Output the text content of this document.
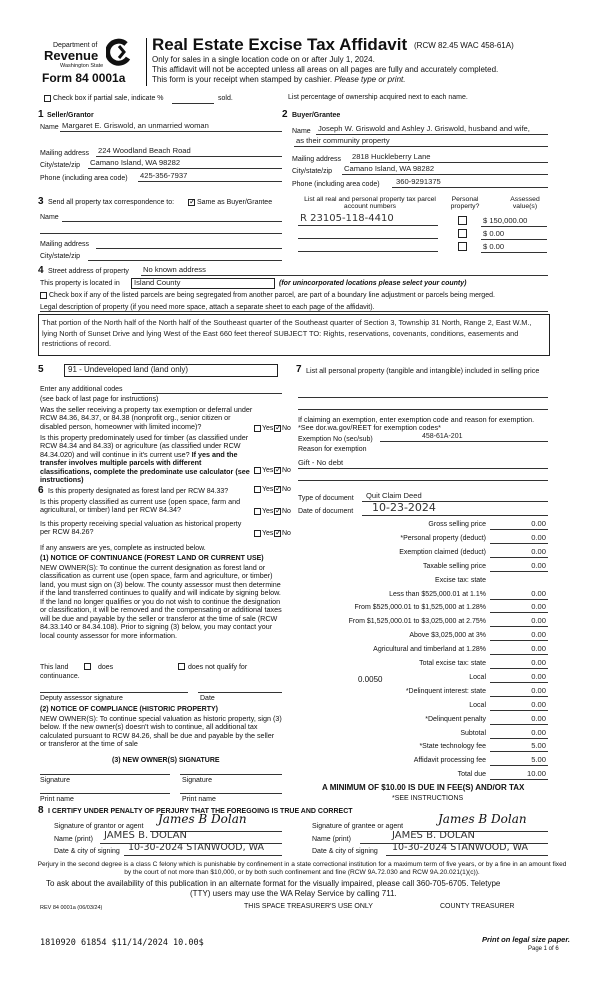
Department of
Revenue
Washington State
Form 84 0001a
Real Estate Excise Tax Affidavit (RCW 82.45 WAC 458-61A)
Only for sales in a single location code on or after July 1, 2024.
This affidavit will not be accepted unless all areas on all pages are fully and accurately completed.
This form is your receipt when stamped by cashier. Please type or print.
Check box if partial sale, indicate %	sold.	List percentage of ownership acquired next to each name.
1 Seller/Grantor
Name Margaret E. Griswold, an unmarried woman
Mailing address 224 Woodland Beach Road
City/state/zip Camano Island, WA 98282
Phone (including area code) 425-356-7937
2 Buyer/Grantee
Name Joseph W. Griswold and Ashley J. Griswold, husband and wife,
as their community property
Mailing address 2818 Huckleberry Lane
City/state/zip Camano Island, WA 98282
Phone (including area code) 360-9291375
3 Send all property tax correspondence to: ✓	Same as Buyer/Grantee
Name
Mailing address
City/state/zip
List all real and personal property tax parcel account numbers
Personal property?
Assessed value(s)
R 23105-118-4410	$ 150,000.00
$ 0.00
$ 0.00
4 Street address of property No known address
This property is located in Island County	(for unincorporated locations please select your county)
Check box if any of the listed parcels are being segregated from another parcel, are part of a boundary line adjustment or parcels being merged.
Legal description of property (if you need more space, attach a separate sheet to each page of the affidavit).
That portion of the North half of the North half of the Southeast quarter of the Southeast quarter of Section 3, Township 31 North, Range 2, East W.M., lying North of Sunset Drive and lying West of the East 660 feet thereof SUBJECT TO: Rights, reservations, covenants, conditions, easements and restrictions of record.
5	91 - Undeveloped land (land only)
Enter any additional codes
(see back of last page for instructions)
Was the seller receiving a property tax exemption or deferral under RCW 84.36, 84.37, or 84.38 (nonprofit org., senior citizen or disabled person, homeowner with limited income)?	Yes ✓ No
Is this property predominately used for timber (as classified under RCW 84.34 and 84.33) or agriculture (as classified under RCW 84.34.020) and will continue in it's current use? If yes and the transfer involves multiple parcels with different classifications, complete the predominate use calculator (see instructions)
Yes ✓ No
6 Is this property designated as forest land per RCW 84.33?	Yes ✓ No
Is this property classified as current use (open space, farm and agricultural, or timber) land per RCW 84.34?	Yes ✓ No
Is this property receiving special valuation as historical property per RCW 84.26?	Yes ✓ No
If any answers are yes, complete as instructed below.
(1) NOTICE OF CONTINUANCE (FOREST LAND OR CURRENT USE)
NEW OWNER(S): To continue the current designation as forest land or classification as current use (open space, farm and agriculture, or timber) land, you must sign on (3) below. The county assessor must then determine if the land transferred continues to qualify and will indicate by signing below. If the land no longer qualifies or you do not wish to continue the designation or classification, it will be removed and the compensating or additional taxes will be due and payable by the seller or transferor at the time of sale (RCW 84.33.140 or 84.34.108). Prior to signing (3) below, you may contact your local county assessor for more information.
This land	does	does not qualify for
continuance.
Deputy assessor signature	Date
(2) NOTICE OF COMPLIANCE (HISTORIC PROPERTY)
NEW OWNER(S): To continue special valuation as historic property, sign (3) below. If the new owner(s) doesn't wish to continue, all additional tax calculated pursuant to RCW 84.26, shall be due and payable by the seller or transferor at the time of sale
(3) NEW OWNER(S) SIGNATURE
Signature	Signature
Print name	Print name
7 List all personal property (tangible and intangible) included in selling price
If claiming an exemption, enter exemption code and reason for exemption. *See dor.wa.gov/REET for exemption codes*
Exemption No (sec/sub)	458-61A-201
Reason for exemption
Gift - No debt
Type of document Quit Claim Deed
Date of document 10-23-2024
Gross selling price	0.00
*Personal property (deduct)	0.00
Exemption claimed (deduct)	0.00
Taxable selling price	0.00
Excise tax: state
Less than $525,000.01 at 1.1%	0.00
From $525,000.01 to $1,525,000 at 1.28%	0.00
From $1,525,000.01 to $3,025,000 at 2.75%	0.00
Above $3,025,000 at 3%	0.00
Agricultural and timberland at 1.28%	0.00
Total excise tax: state	0.00
Local	0.00
*Delinquent interest: state	0.00
Local	0.00
*Delinquent penalty	0.00
Subtotal	0.00
*State technology fee	5.00
Affidavit processing fee	5.00
Total due	10.00
0.0050
A MINIMUM OF $10.00 IS DUE IN FEE(S) AND/OR TAX
*SEE INSTRUCTIONS
8 I CERTIFY UNDER PENALTY OF PERJURY THAT THE FOREGOING IS TRUE AND CORRECT
Signature of grantor or agent
James B Dolan
Name (print) JAMES B. DOLAN
Date & city of signing 10-30-2024 STANWOOD, WA
Signature of grantee or agent
James B Dolan
Name (print)	JAMES B. DOLAN
Date & city of signing 10-30-2024 STANWOOD, WA
Perjury in the second degree is a class C felony which is punishable by confinement in a state correctional institution for a maximum term of five years, or by a fine in an amount fixed by the court of not more than $10,000, or by both such confinement and fine (RCW 9A.72.030 and RCW 9A.20.021(1)(c)).
To ask about the availability of this publication in an alternate format for the visually impaired, please call 360-705-6705. Teletype
(TTY) users may use the WA Relay Service by calling 711.
REV 84 0001a (06/03/24)	THIS SPACE TREASURER'S USE ONLY	COUNTY TREASURER
1810920 61854 $11/14/2024 10.00$	Print on legal size paper.
Page 1 of 6
